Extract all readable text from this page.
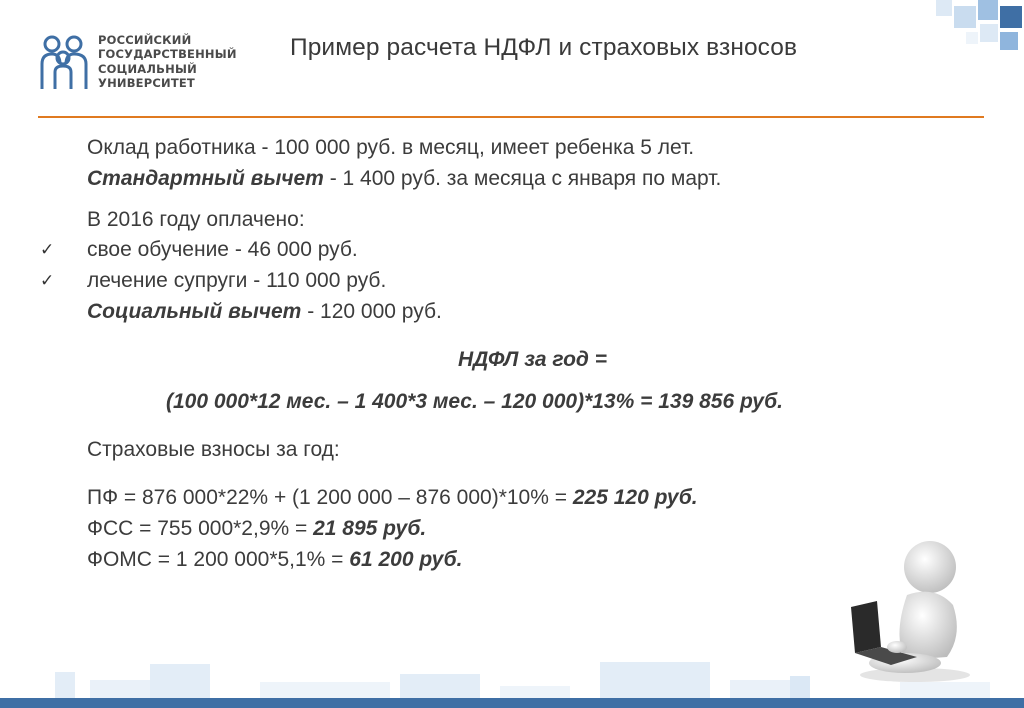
РОССИЙСКИЙ
ГОСУДАРСТВЕННЫЙ
СОЦИАЛЬНЫЙ
УНИВЕРСИТЕТ
Пример расчета НДФЛ и страховых взносов
Оклад работника - 100 000 руб. в месяц, имеет ребенка 5 лет.
Стандартный вычет - 1 400 руб. за месяца с января по март.
В 2016 году оплачено:
✓ свое обучение - 46 000 руб.
✓ лечение супруги - 110 000 руб.
Социальный вычет - 120 000 руб.
НДФЛ за год =
(100 000*12 мес. – 1 400*3 мес. – 120 000)*13% = 139 856 руб.
Страховые взносы за год:
ПФ = 876 000*22% + (1 200 000 – 876 000)*10% = 225 120 руб.
ФСС = 755 000*2,9% = 21 895 руб.
ФОМС = 1 200 000*5,1% = 61 200 руб.
